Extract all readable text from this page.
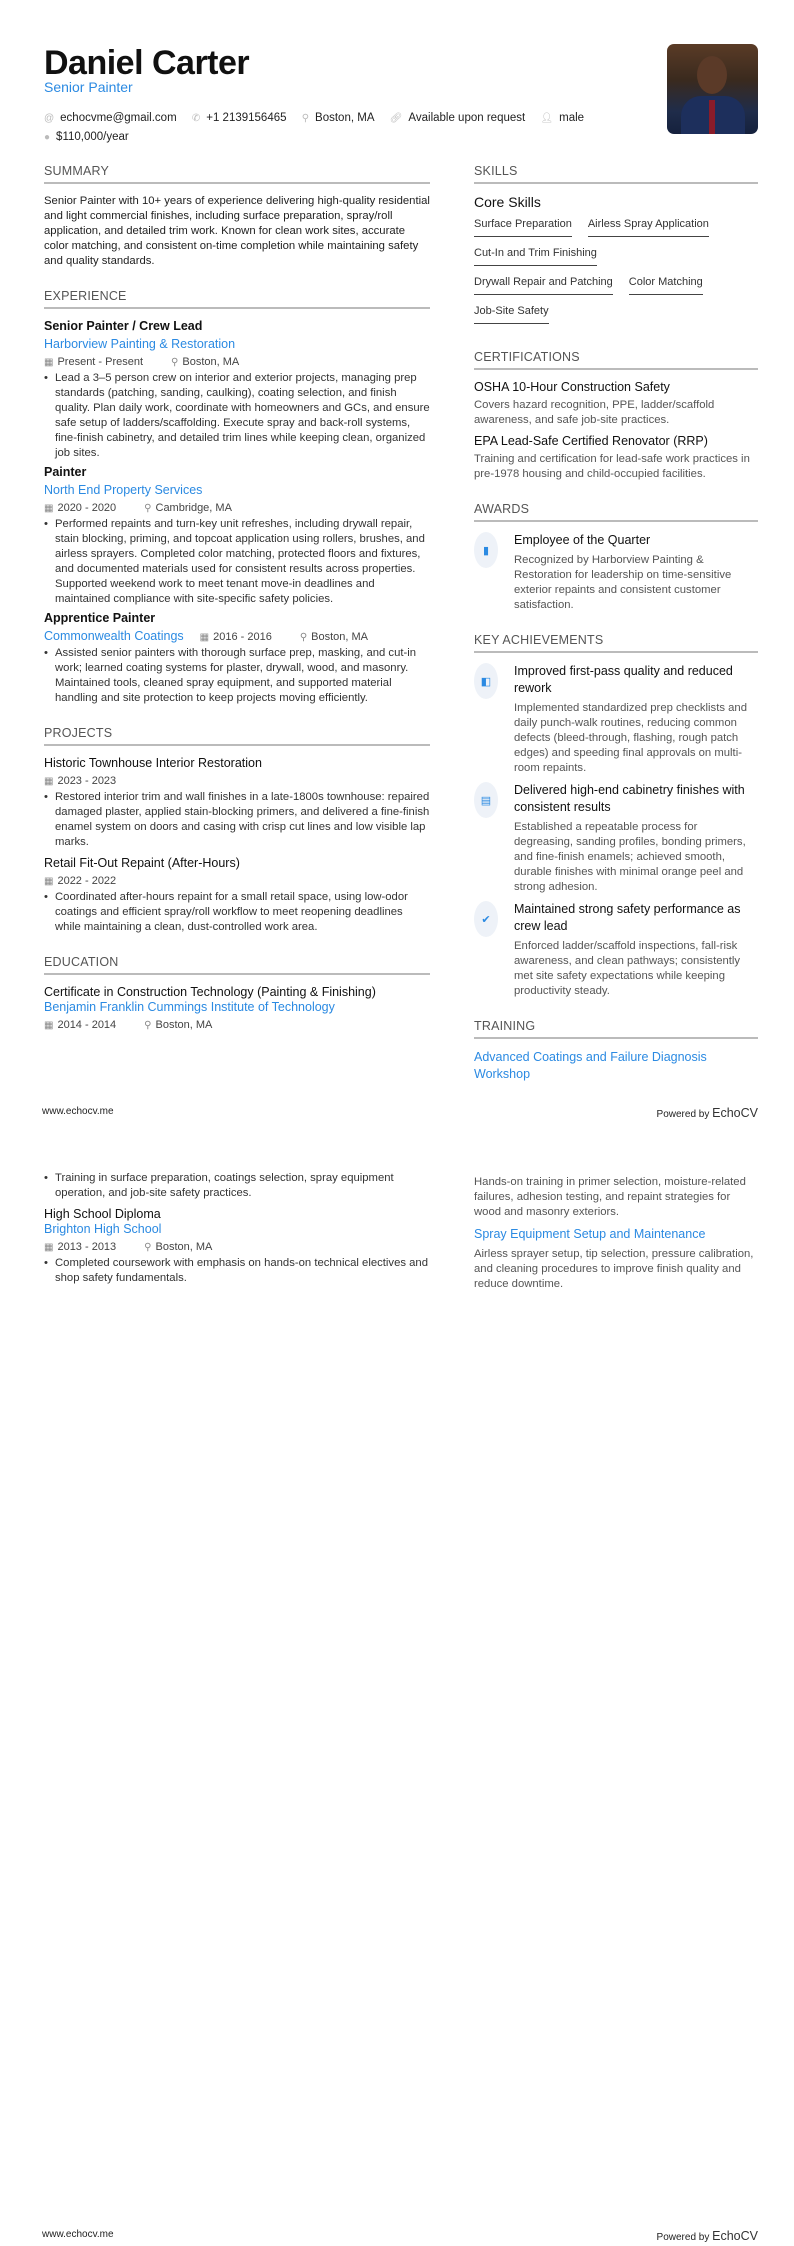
Daniel Carter
Senior Painter
@ echocvme@gmail.com ✆ +1 2139156465 ⚲ Boston, MA 🔗︎ Available upon request 👤︎ male
● $110,000/year
SUMMARY

Senior Painter with 10+ years of experience delivering high-quality residential and light commercial finishes, including surface preparation, spray/roll application, and detailed trim work. Known for clean work sites, accurate color matching, and consistent on-time completion while maintaining safety and quality standards.

EXPERIENCE
Senior Painter / Crew Lead
Harborview Painting & Restoration
▦ Present - Present	⚲ Boston, MA
• Lead a 3–5 person crew on interior and exterior projects, managing prep standards (patching, sanding, caulking), coating selection, and finish quality. Plan daily work, coordinate with homeowners and GCs, and ensure safe setup of ladders/scaffolding. Execute spray and back-roll systems, fine-finish cabinetry, and detailed trim lines while keeping clean, organized job sites.
Painter
North End Property Services
▦ 2020 - 2020	⚲ Cambridge, MA
• Performed repaints and turn-key unit refreshes, including drywall repair, stain blocking, priming, and topcoat application using rollers, brushes, and airless sprayers. Completed color matching, protected floors and fixtures, and documented materials used for consistent results across properties. Supported weekend work to meet tenant move-in deadlines and maintained compliance with site-specific safety policies.
Apprentice Painter
Commonwealth Coatings ▦ 2016 - 2016	⚲ Boston, MA
• Assisted senior painters with thorough surface prep, masking, and cut-in work; learned coating systems for plaster, drywall, wood, and masonry. Maintained tools, cleaned spray equipment, and supported material handling and site protection to keep projects moving efficiently.
PROJECTS
Historic Townhouse Interior Restoration
▦ 2023 - 2023
• Restored interior trim and wall finishes in a late-1800s townhouse: repaired damaged plaster, applied stain-blocking primers, and delivered a fine-finish enamel system on doors and casing with crisp cut lines and low visible lap marks.
Retail Fit-Out Repaint (After-Hours)
▦ 2022 - 2022
• Coordinated after-hours repaint for a small retail space, using low-odor coatings and efficient spray/roll workflow to meet reopening deadlines while maintaining a clean, dust-controlled work area.
EDUCATION
Certificate in Construction Technology (Painting & Finishing)
Benjamin Franklin Cummings Institute of Technology
▦ 2014 - 2014	⚲ Boston, MA
SKILLS
Core Skills
Surface Preparation Airless Spray Application
Cut-In and Trim Finishing
Drywall Repair and Patching Color Matching
Job-Site Safety
CERTIFICATIONS
OSHA 10-Hour Construction Safety
Covers hazard recognition, PPE, ladder/scaffold awareness, and safe job-site practices.
EPA Lead-Safe Certified Renovator (RRP)
Training and certification for lead-safe work practices in pre-1978 housing and child-occupied facilities.
AWARDS
▮
Employee of the Quarter
Recognized by Harborview Painting & Restoration for leadership on time-sensitive exterior repaints and consistent customer satisfaction.
KEY ACHIEVEMENTS
◧
Improved first-pass quality and reduced rework
Implemented standardized prep checklists and daily punch-walk routines, reducing common defects (bleed-through, flashing, rough patch edges) and speeding final approvals on multi-room repaints.
▤
Delivered high-end cabinetry finishes with consistent results
Established a repeatable process for degreasing, sanding profiles, bonding primers, and fine-finish enamels; achieved smooth, durable finishes with minimal orange peel and strong adhesion.
✔
Maintained strong safety performance as crew lead
Enforced ladder/scaffold inspections, fall-risk awareness, and clean pathways; consistently met site safety expectations while keeping productivity steady.
TRAINING
Advanced Coatings and Failure Diagnosis Workshop
www.echocv.me	Powered by EchoCV
• Training in surface preparation, coatings selection, spray equipment operation, and job-site safety practices.
High School Diploma
Brighton High School
▦ 2013 - 2013	⚲ Boston, MA
• Completed coursework with emphasis on hands-on technical electives and shop safety fundamentals.
Hands-on training in primer selection, moisture-related failures, adhesion testing, and repaint strategies for wood and masonry exteriors.
Spray Equipment Setup and Maintenance
Airless sprayer setup, tip selection, pressure calibration, and cleaning procedures to improve finish quality and reduce downtime.
www.echocv.me	Powered by EchoCV
